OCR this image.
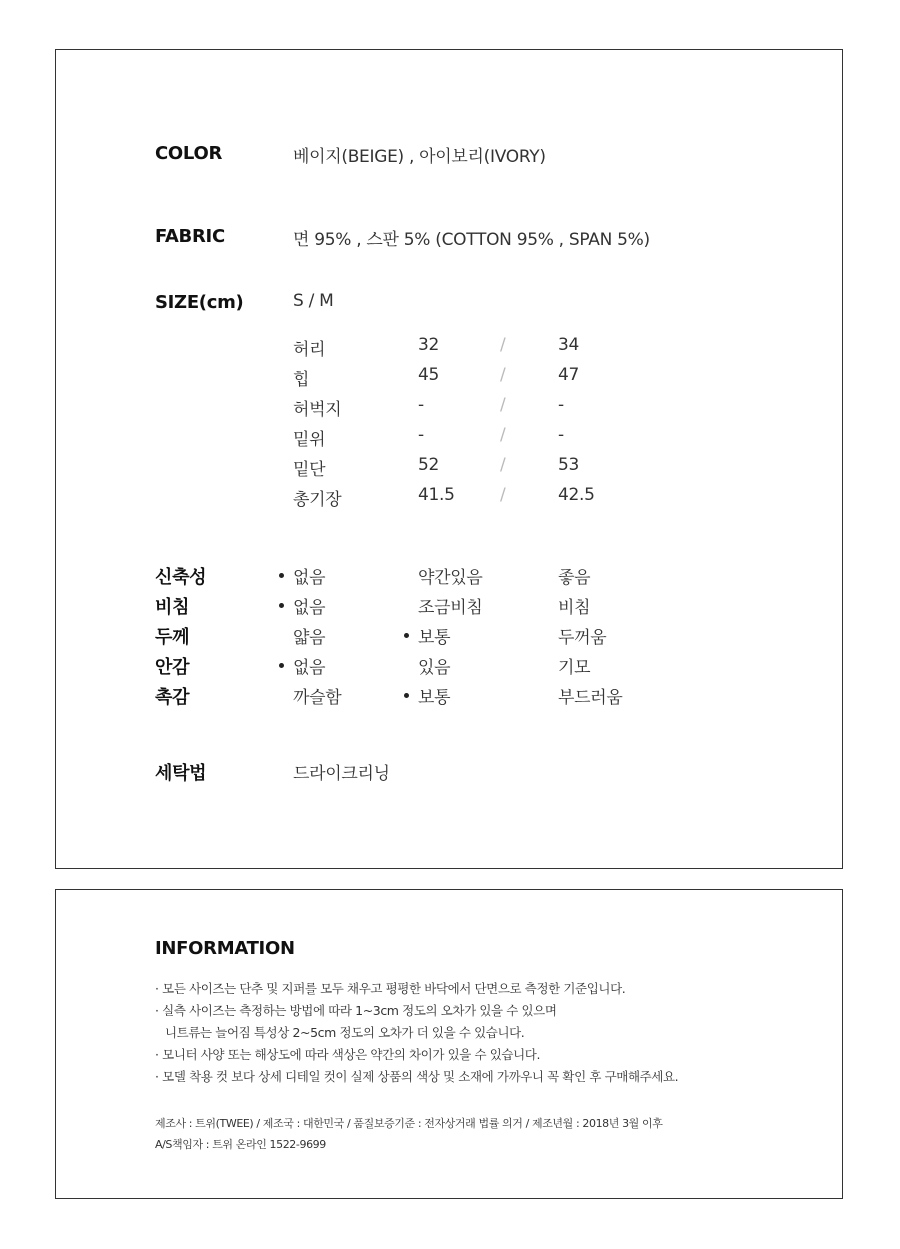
COLOR	베이지(BEIGE) , 아이보리(IVORY)
FABRIC	면 95% , 스판 5% (COTTON 95% , SPAN 5%)
SIZE(cm)	S / M
허리	32	/	34
힙	45	/	47
허벅지	-	/	-
밑위	-	/	-
밑단	52	/	53
총기장	41.5	/	42.5
신축성	없음	약간있음	좋음
비침	없음	조금비침	비침
두께	얇음	보통	두꺼움
안감	없음	있음	기모
촉감	까슬함	보통	부드러움
세탁법	드라이크리닝
INFORMATION
· 모든 사이즈는 단추 및 지퍼를 모두 채우고 평평한 바닥에서 단면으로 측정한 기준입니다.
· 실측 사이즈는 측정하는 방법에 따라 1~3cm 정도의 오차가 있을 수 있으며
니트류는 늘어짐 특성상 2~5cm 정도의 오차가 더 있을 수 있습니다.
· 모니터 사양 또는 해상도에 따라 색상은 약간의 차이가 있을 수 있습니다.
· 모델 착용 컷 보다 상세 디테일 컷이 실제 상품의 색상 및 소재에 가까우니 꼭 확인 후 구매해주세요.
제조사 : 트위(TWEE) / 제조국 : 대한민국 / 품질보증기준 : 전자상거래 법률 의거 / 제조년월 : 2018년 3월 이후
A/S책임자 : 트위 온라인 1522-9699
